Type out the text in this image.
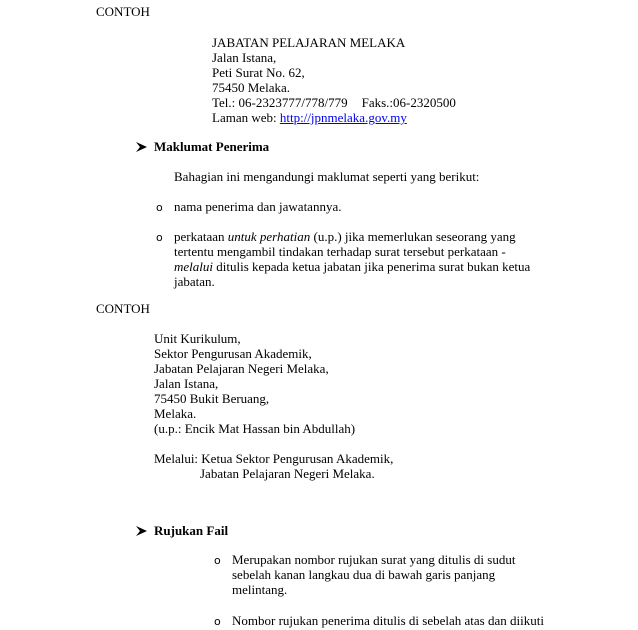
CONTOH
JABATAN PELAJARAN MELAKA
Jalan Istana,
Peti Surat No. 62,
75450 Melaka.
Tel.: 06-2323777/778/779 Faks.:06-2320500
Laman web: http://jpnmelaka.gov.my
Maklumat Penerima
Bahagian ini mengandungi maklumat seperti yang berikut:
o nama penerima dan jawatannya.
o perkataan untuk perhatian (u.p.) jika memerlukan seseorang yang
tertentu mengambil tindakan terhadap surat tersebut perkataan -
melalui ditulis kepada ketua jabatan jika penerima surat bukan ketua
jabatan.
CONTOH
Unit Kurikulum,
Sektor Pengurusan Akademik,
Jabatan Pelajaran Negeri Melaka,
Jalan Istana,
75450 Bukit Beruang,
Melaka.
(u.p.: Encik Mat Hassan bin Abdullah)
Melalui: Ketua Sektor Pengurusan Akademik,
Jabatan Pelajaran Negeri Melaka.
Rujukan Fail
o Merupakan nombor rujukan surat yang ditulis di sudut
sebelah kanan langkau dua di bawah garis panjang
melintang.
o Nombor rujukan penerima ditulis di sebelah atas dan diikuti
